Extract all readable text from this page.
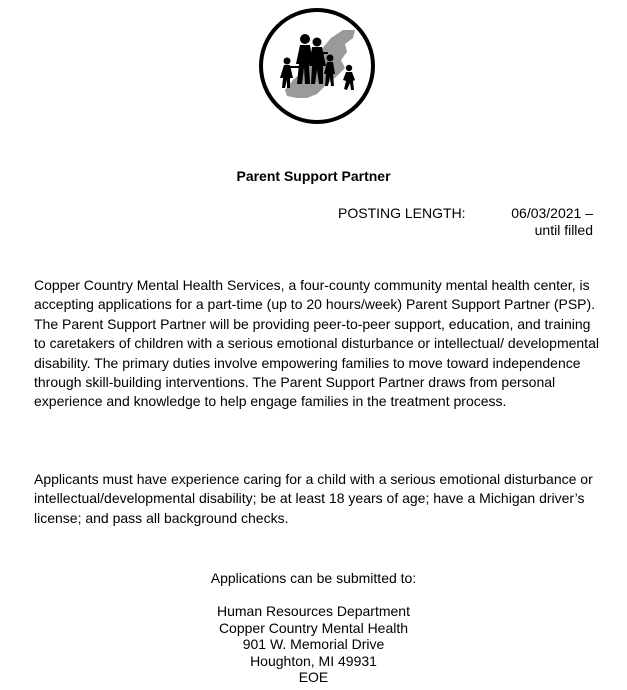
Parent Support Partner
POSTING LENGTH:	06/03/2021 –
until filled

Copper Country Mental Health Services, a four-county community mental health center, is accepting applications for a part-time (up to 20 hours/week) Parent Support Partner (PSP). The Parent Support Partner will be providing peer-to-peer support, education, and training to caretakers of children with a serious emotional disturbance or intellectual/ developmental disability. The primary duties involve empowering families to move toward independence through skill-building interventions. The Parent Support Partner draws from personal experience and knowledge to help engage families in the treatment process.

Applicants must have experience caring for a child with a serious emotional disturbance or intellectual/developmental disability; be at least 18 years of age; have a Michigan driver’s license; and pass all background checks.

Applications can be submitted to:
Human Resources Department
Copper Country Mental Health
901 W. Memorial Drive
Houghton, MI 49931
EOE
